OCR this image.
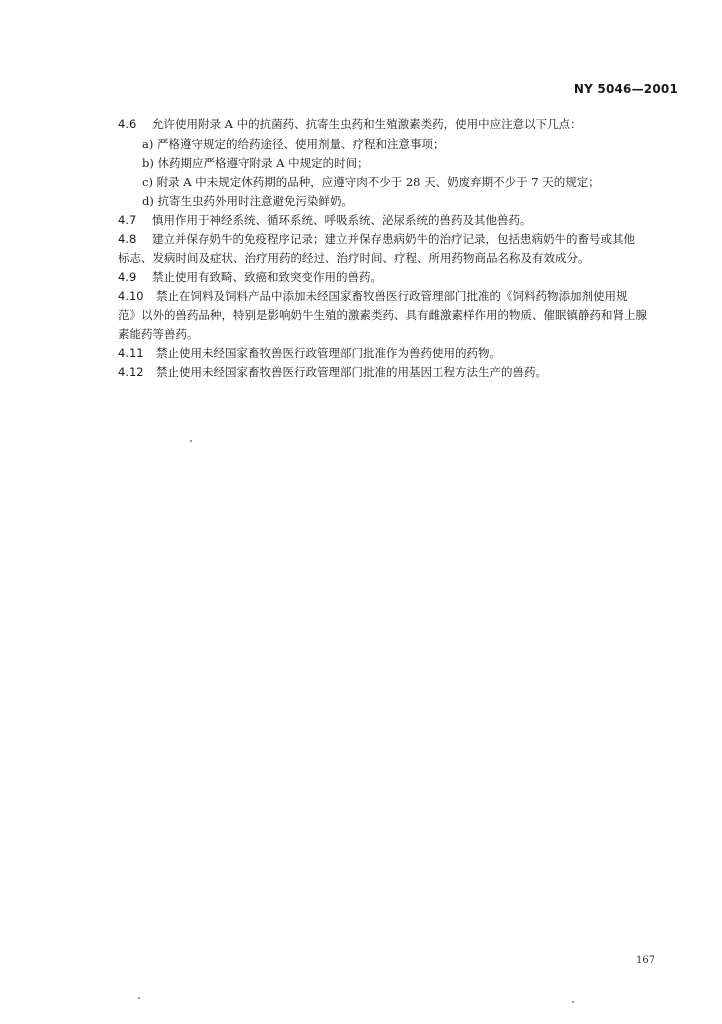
NY 5046—2001
4.6 允许使用附录 A 中的抗菌药、抗寄生虫药和生殖激素类药，使用中应注意以下几点：
a) 严格遵守规定的给药途径、使用剂量、疗程和注意事项；
b) 休药期应严格遵守附录 A 中规定的时间；
c) 附录 A 中未规定休药期的品种，应遵守肉不少于 28 天、奶废弃期不少于 7 天的规定；
d) 抗寄生虫药外用时注意避免污染鲜奶。
4.7 慎用作用于神经系统、循环系统、呼吸系统、泌尿系统的兽药及其他兽药。
4.8 建立并保存奶牛的免疫程序记录；建立并保存患病奶牛的治疗记录，包括患病奶牛的畜号或其他
标志、发病时间及症状、治疗用药的经过、治疗时间、疗程、所用药物商品名称及有效成分。
4.9 禁止使用有致畸、致癌和致突变作用的兽药。
4.10 禁止在饲料及饲料产品中添加未经国家畜牧兽医行政管理部门批准的《饲料药物添加剂使用规
范》以外的兽药品种，特别是影响奶牛生殖的激素类药、具有雌激素样作用的物质、催眠镇静药和肾上腺
素能药等兽药。
4.11 禁止使用未经国家畜牧兽医行政管理部门批准作为兽药使用的药物。
4.12 禁止使用未经国家畜牧兽医行政管理部门批准的用基因工程方法生产的兽药。
167
